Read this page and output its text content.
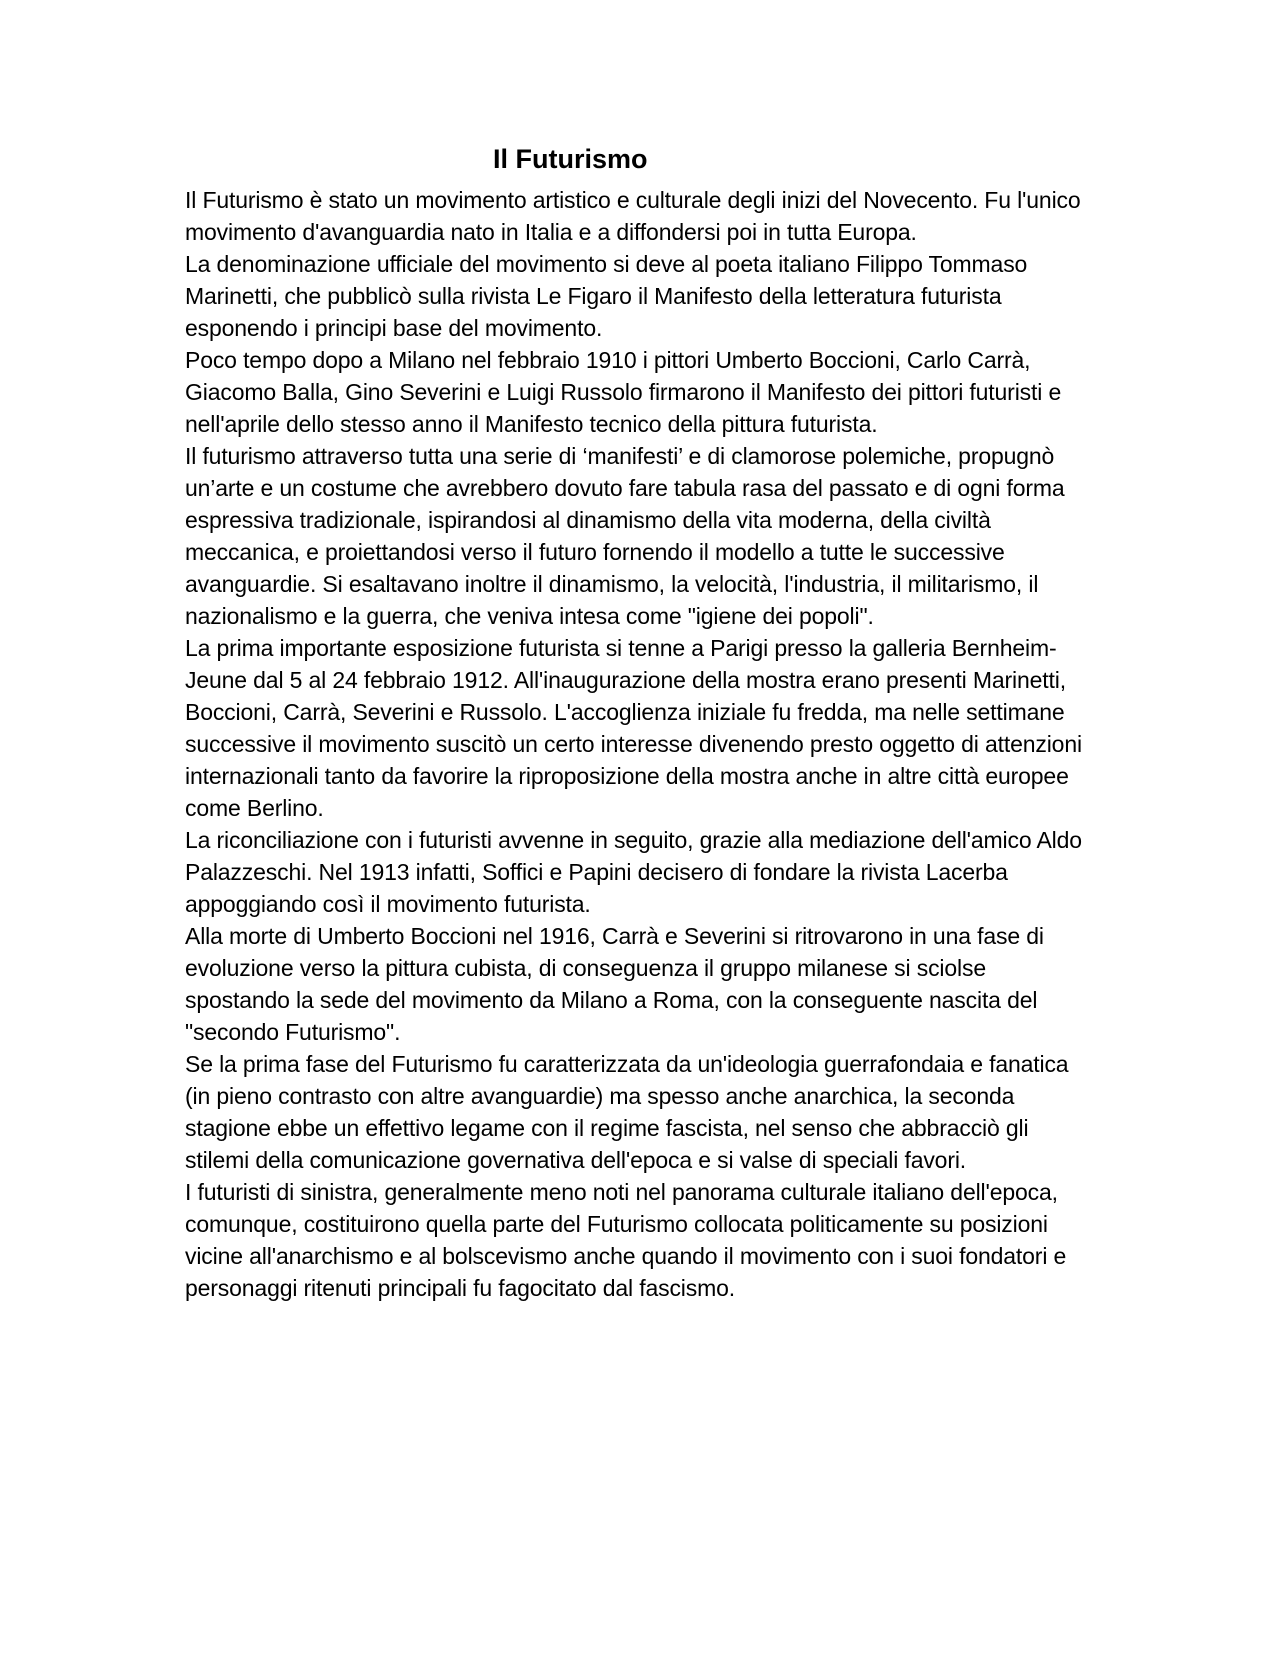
Il Futurismo

Il Futurismo è stato un movimento artistico e culturale degli inizi del Novecento. Fu l'unico movimento d'avanguardia nato in Italia e a diffondersi poi in tutta Europa.

La denominazione ufficiale del movimento si deve al poeta italiano Filippo Tommaso Marinetti, che pubblicò sulla rivista Le Figaro il Manifesto della letteratura futurista esponendo i principi base del movimento.

Poco tempo dopo a Milano nel febbraio 1910 i pittori Umberto Boccioni, Carlo Carrà, Giacomo Balla, Gino Severini e Luigi Russolo firmarono il Manifesto dei pittori futuristi e nell'aprile dello stesso anno il Manifesto tecnico della pittura futurista.

Il futurismo attraverso tutta una serie di ‘manifesti’ e di clamorose polemiche, propugnò un’arte e un costume che avrebbero dovuto fare tabula rasa del passato e di ogni forma espressiva tradizionale, ispirandosi al dinamismo della vita moderna, della civiltà meccanica, e proiettandosi verso il futuro fornendo il modello a tutte le successive avanguardie. Si esaltavano inoltre il dinamismo, la velocità, l'industria, il militarismo, il nazionalismo e la guerra, che veniva intesa come "igiene dei popoli".

La prima importante esposizione futurista si tenne a Parigi presso la galleria Bernheim-Jeune dal 5 al 24 febbraio 1912. All'inaugurazione della mostra erano presenti Marinetti, Boccioni, Carrà, Severini e Russolo. L'accoglienza iniziale fu fredda, ma nelle settimane successive il movimento suscitò un certo interesse divenendo presto oggetto di attenzioni internazionali tanto da favorire la riproposizione della mostra anche in altre città europee come Berlino.

La riconciliazione con i futuristi avvenne in seguito, grazie alla mediazione dell'amico Aldo Palazzeschi. Nel 1913 infatti, Soffici e Papini decisero di fondare la rivista Lacerba appoggiando così il movimento futurista.

Alla morte di Umberto Boccioni nel 1916, Carrà e Severini si ritrovarono in una fase di evoluzione verso la pittura cubista, di conseguenza il gruppo milanese si sciolse spostando la sede del movimento da Milano a Roma, con la conseguente nascita del "secondo Futurismo".

Se la prima fase del Futurismo fu caratterizzata da un'ideologia guerrafondaia e fanatica (in pieno contrasto con altre avanguardie) ma spesso anche anarchica, la seconda stagione ebbe un effettivo legame con il regime fascista, nel senso che abbracciò gli stilemi della comunicazione governativa dell'epoca e si valse di speciali favori.

I futuristi di sinistra, generalmente meno noti nel panorama culturale italiano dell'epoca, comunque, costituirono quella parte del Futurismo collocata politicamente su posizioni vicine all'anarchismo e al bolscevismo anche quando il movimento con i suoi fondatori e personaggi ritenuti principali fu fagocitato dal fascismo.
